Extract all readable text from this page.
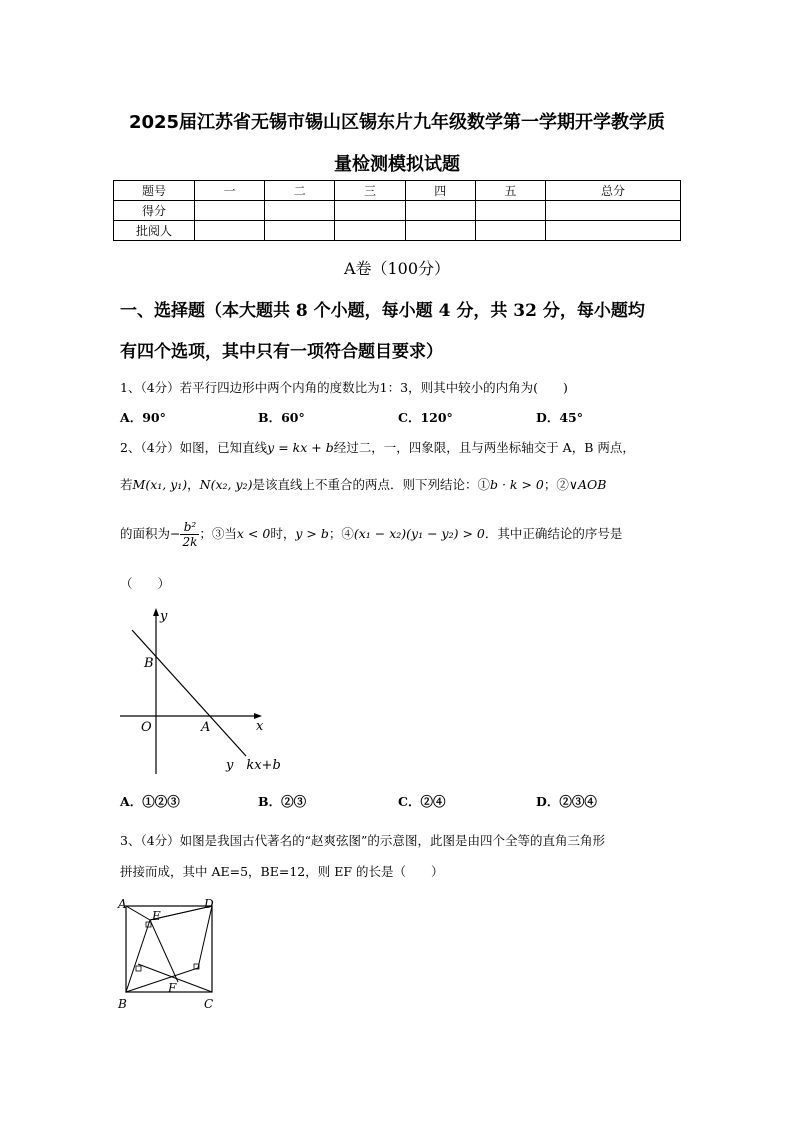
2025届江苏省无锡市锡山区锡东片九年级数学第一学期开学教学质
量检测模拟试题
题号	一	二	三	四	五	总分
得分						
批阅人						
A卷（100分）
一、选择题（本大题共 8 个小题，每小题 4 分，共 32 分，每小题均
有四个选项，其中只有一项符合题目要求）
1、（4分）若平行四边形中两个内角的度数比为1：3，则其中较小的内角为(　　)
A．90°	B．60°	C．120°	D．45°
2、（4分）如图，已知直线y = kx + b经过二，一，四象限，且与两坐标轴交于 A，B 两点，
若M(x₁, y₁)，N(x₂, y₂)是该直线上不重合的两点．则下列结论：①b · k > 0；②∨AOB
的面积为− $\frac{\text{b²}}{2k}$ ；③当x < 0时，y > b；④(x₁ − x₂)(y₁ − y₂) > 0．其中正确结论的序号是
（　　）
y
x
B
O	A
y　kx+b
A．①②③	B．②③	C．②④	D．②③④
3、（4分）如图是我国古代著名的“赵爽弦图”的示意图，此图是由四个全等的直角三角形
拼接而成，其中 AE=5，BE=12，则 EF 的长是（　　）
A	D
E
B	C
F
